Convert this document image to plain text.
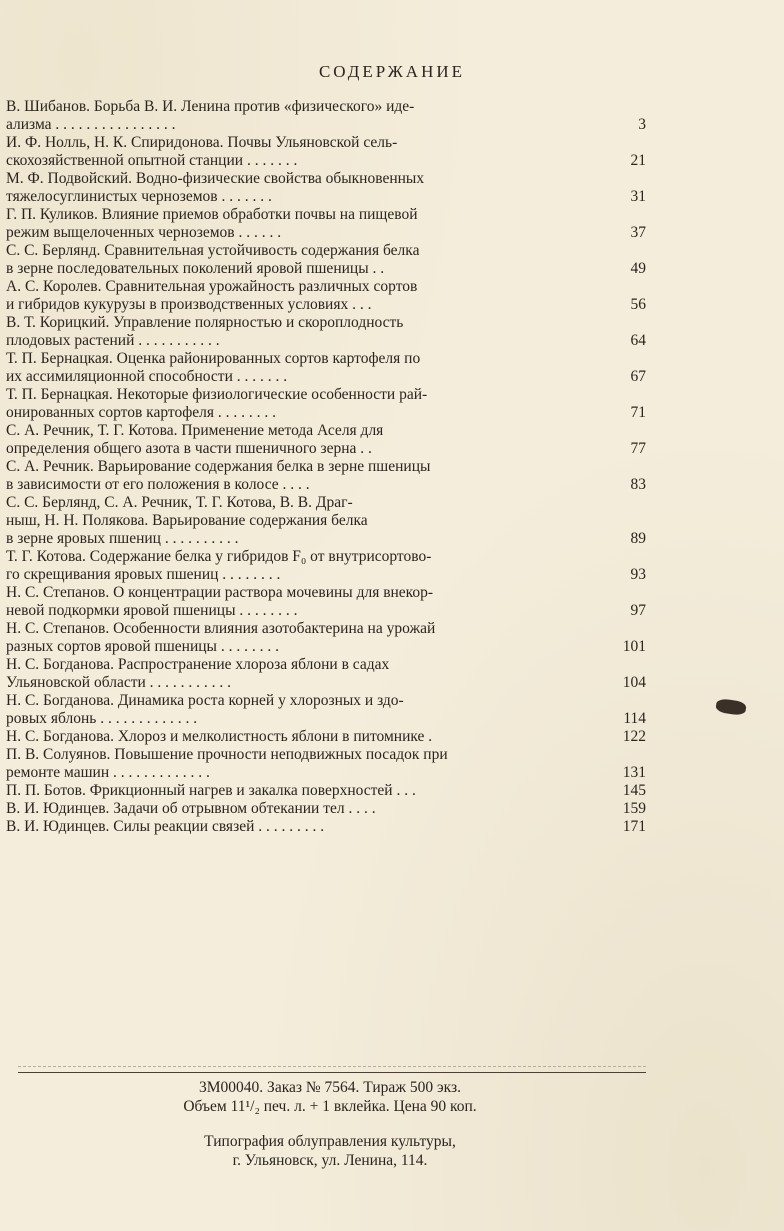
СОДЕРЖАНИЕ
В. Шибанов. Борьба В. И. Ленина против «физического» иде-
ализма . . . . . . . . . . . . . . . .	3
И. Ф. Нолль, Н. К. Спиридонова. Почвы Ульяновской сель-
скохозяйственной опытной станции . . . . . . .	21
М. Ф. Подвойский. Водно-физические свойства обыкновенных
тяжелосуглинистых черноземов . . . . . . .	31
Г. П. Куликов. Влияние приемов обработки почвы на пищевой
режим выщелоченных черноземов . . . . . .	37
С. С. Берлянд. Сравнительная устойчивость содержания белка
в зерне последовательных поколений яровой пшеницы . .	49
А. С. Королев. Сравнительная урожайность различных сортов
и гибридов кукурузы в производственных условиях . . .	56
В. Т. Корицкий. Управление полярностью и скороплодность
плодовых растений . . . . . . . . . . .	64
Т. П. Бернацкая. Оценка районированных сортов картофеля по
их ассимиляционной способности . . . . . . .	67
Т. П. Бернацкая. Некоторые физиологические особенности рай-
онированных сортов картофеля . . . . . . . .	71
С. А. Речник, Т. Г. Котова. Применение метода Аселя для
определения общего азота в части пшеничного зерна . .	77
С. А. Речник. Варьирование содержания белка в зерне пшеницы
в зависимости от его положения в колосе . . . .	83
С. С. Берлянд, С. А. Речник, Т. Г. Котова, В. В. Драг-
ныш, Н. Н. Полякова. Варьирование содержания белка
в зерне яровых пшениц . . . . . . . . . .	89
Т. Г. Котова. Содержание белка у гибридов F₀ от внутрисортово-
го скрещивания яровых пшениц . . . . . . . .	93
Н. С. Степанов. О концентрации раствора мочевины для внекор-
невой подкормки яровой пшеницы . . . . . . . .	97
Н. С. Степанов. Особенности влияния азотобактерина на урожай
разных сортов яровой пшеницы . . . . . . . .	101
Н. С. Богданова. Распространение хлороза яблони в садах
Ульяновской области . . . . . . . . . . .	104
Н. С. Богданова. Динамика роста корней у хлорозных и здо-
ровых яблонь . . . . . . . . . . . . .	114
Н. С. Богданова. Хлороз и мелколистность яблони в питомнике .	122
П. В. Солуянов. Повышение прочности неподвижных посадок при
ремонте машин . . . . . . . . . . . . .	131
П. П. Ботов. Фрикционный нагрев и закалка поверхностей . . .	145
В. И. Юдинцев. Задачи об отрывном обтекании тел . . . .	159
В. И. Юдинцев. Силы реакции связей . . . . . . . . .	171
3М00040. Заказ № 7564. Тираж 500 экз.
Объем 11¹/₂ печ. л. + 1 вклейка. Цена 90 коп.
Типография облуправления культуры,
г. Ульяновск, ул. Ленина, 114.
